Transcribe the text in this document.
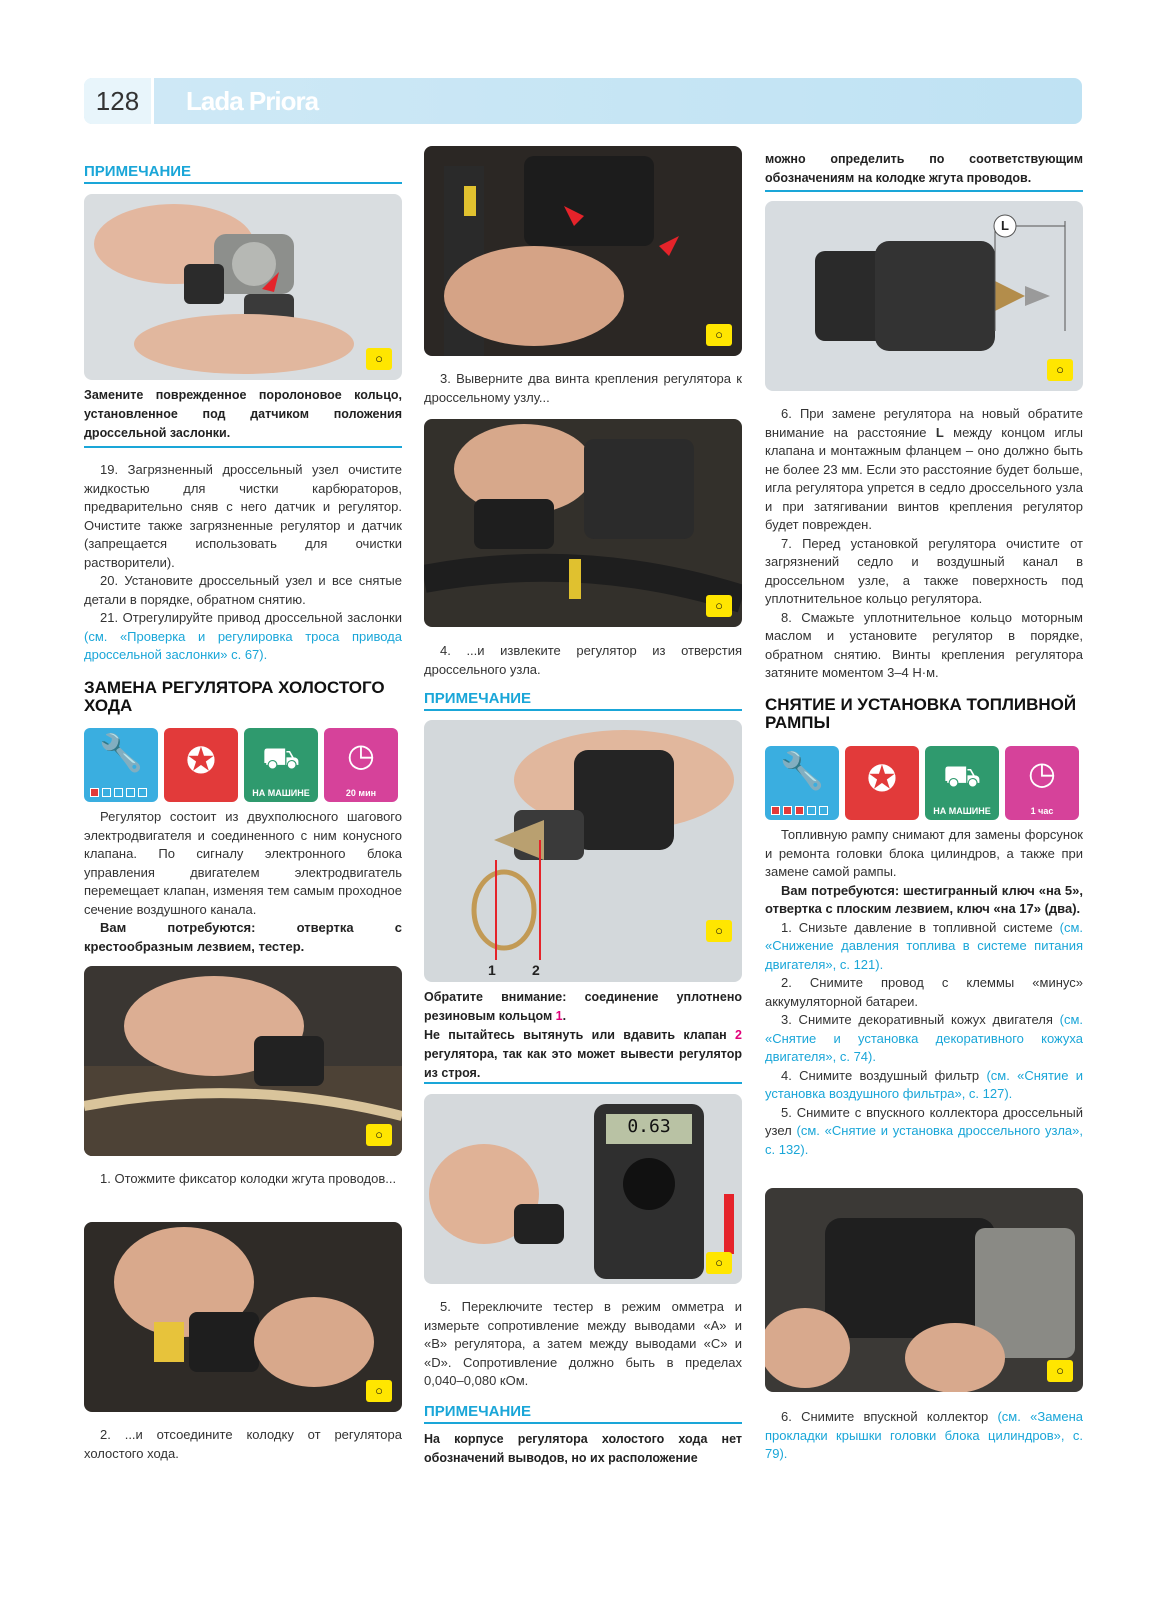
128	Lada Priora
ПРИМЕЧАНИЕ
○
Замените поврежденное поролоновое кольцо, установленное под датчиком положения дроссельной заслонки.

19. Загрязненный дроссельный узел очистите жидкостью для чистки карбюраторов, предварительно сняв с него датчик и регулятор. Очистите также загрязненные регулятор и датчик (запрещается использовать для очистки растворители).

20. Установите дроссельный узел и все снятые детали в порядке, обратном снятию.

21. Отрегулируйте привод дроссельной заслонки (см. «Проверка и регулировка троса привода дроссельной заслонки» с. 67).

ЗАМЕНА РЕГУЛЯТОРА ХОЛОСТОГО ХОДА
🔧	✪	⛟
НА МАШИНЕ
◷
20 мин

Регулятор состоит из двухполюсного шагового электродвигателя и соединенного с ним конусного клапана. По сигналу электронного блока управления двигателем электродвигатель перемещает клапан, изменяя тем самым проходное сечение воздушного канала.

Вам потребуются: отвертка с крестообразным лезвием, тестер.

○

1. Отожмите фиксатор колодки жгута проводов...

○

2. ...и отсоедините колодку от регулятора холостого хода.

○

3. Выверните два винта крепления регулятора к дроссельному узлу...

○

4. ...и извлеките регулятор из отверстия дроссельного узла.

ПРИМЕЧАНИЕ
1	2
○
Обратите внимание: соединение уплотнено резиновым кольцом 1.
Не пытайтесь вытянуть или вдавить клапан 2 регулятора, так как это может вывести регулятор из строя.
0.63
○

5. Переключите тестер в режим омметра и измерьте сопротивление между выводами «A» и «B» регулятора, а затем между выводами «C» и «D». Сопротивление должно быть в пределах 0,040–0,080 кОм.

ПРИМЕЧАНИЕ
На корпусе регулятора холостого хода нет обозначений выводов, но их расположение
можно определить по соответствующим обозначениям на колодке жгута проводов.
L
○

6. При замене регулятора на новый обратите внимание на расстояние L между концом иглы клапана и монтажным фланцем – оно должно быть не более 23 мм. Если это расстояние будет больше, игла регулятора упрется в седло дроссельного узла и при затягивании винтов крепления регулятор будет поврежден.

7. Перед установкой регулятора очистите от загрязнений седло и воздушный канал в дроссельном узле, а также поверхность под уплотнительное кольцо регулятора.

8. Смажьте уплотнительное кольцо моторным маслом и установите регулятор в порядке, обратном снятию. Винты крепления регулятора затяните моментом 3–4 Н·м.

СНЯТИЕ И УСТАНОВКА ТОПЛИВНОЙ РАМПЫ
🔧	✪	⛟
НА МАШИНЕ
◷
1 час

Топливную рампу снимают для замены форсунок и ремонта головки блока цилиндров, а также при замене самой рампы.

Вам потребуются: шестигранный ключ «на 5», отвертка с плоским лезвием, ключ «на 17» (два).

1. Снизьте давление в топливной системе (см. «Снижение давления топлива в системе питания двигателя», с. 121).

2. Снимите провод с клеммы «минус» аккумуляторной батареи.

3. Снимите декоративный кожух двигателя (см. «Снятие и установка декоративного кожуха двигателя», с. 74).

4. Снимите воздушный фильтр (см. «Снятие и установка воздушного фильтра», с. 127).

5. Снимите с впускного коллектора дроссельный узел (см. «Снятие и установка дроссельного узла», с. 132).

○

6. Снимите впускной коллектор (см. «Замена прокладки крышки головки блока цилиндров», с. 79).
